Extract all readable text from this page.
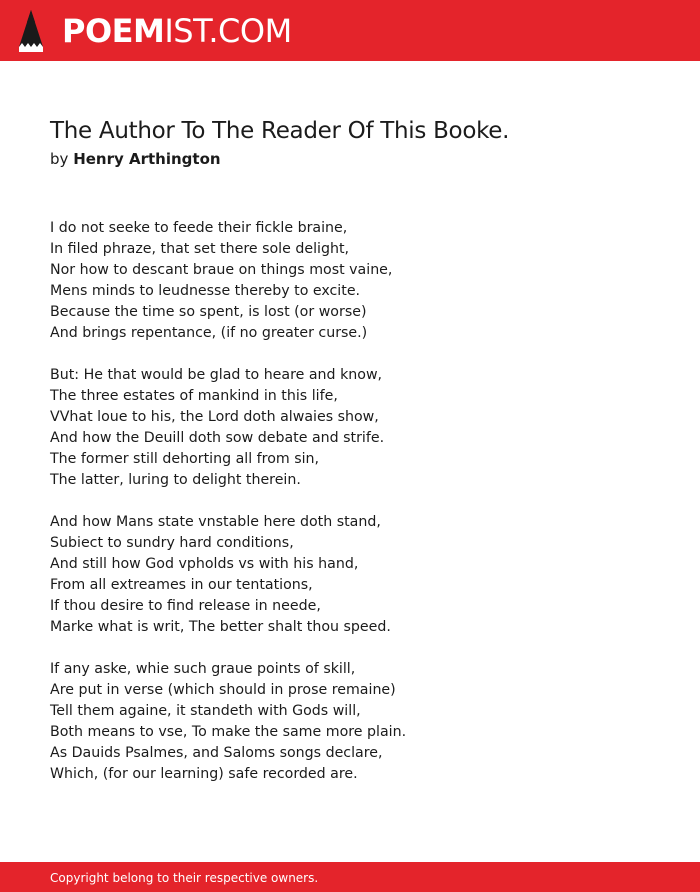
POEMIST.COM
The Author To The Reader Of This Booke.
by Henry Arthington
I do not seeke to feede their fickle braine,
In filed phraze, that set there sole delight,
Nor how to descant braue on things most vaine,
Mens minds to leudnesse thereby to excite.
Because the time so spent, is lost (or worse)
And brings repentance, (if no greater curse.)
But: He that would be glad to heare and know,
The three estates of mankind in this life,
VVhat loue to his, the Lord doth alwaies show,
And how the Deuill doth sow debate and strife.
The former still dehorting all from sin,
The latter, luring to delight therein.
And how Mans state vnstable here doth stand,
Subiect to sundry hard conditions,
And still how God vpholds vs with his hand,
From all extreames in our tentations,
If thou desire to find release in neede,
Marke what is writ, The better shalt thou speed.
If any aske, whie such graue points of skill,
Are put in verse (which should in prose remaine)
Tell them againe, it standeth with Gods will,
Both means to vse, To make the same more plain.
As Dauids Psalmes, and Saloms songs declare,
Which, (for our learning) safe recorded are.
Copyright belong to their respective owners.
